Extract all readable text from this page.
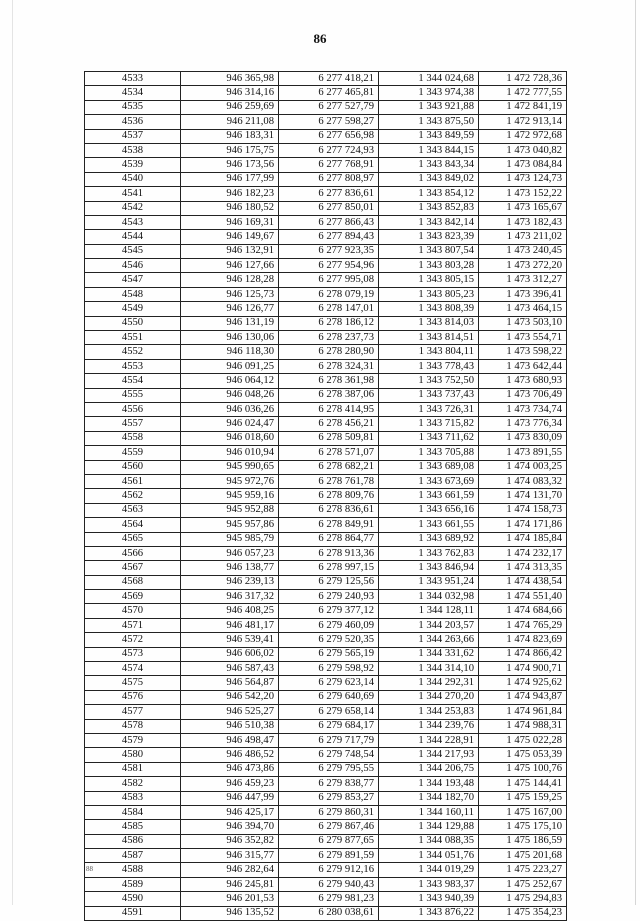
86
4533	946 365,98	6 277 418,21	1 344 024,68	1 472 728,36
4534	946 314,16	6 277 465,81	1 343 974,38	1 472 777,55
4535	946 259,69	6 277 527,79	1 343 921,88	1 472 841,19
4536	946 211,08	6 277 598,27	1 343 875,50	1 472 913,14
4537	946 183,31	6 277 656,98	1 343 849,59	1 472 972,68
4538	946 175,75	6 277 724,93	1 343 844,15	1 473 040,82
4539	946 173,56	6 277 768,91	1 343 843,34	1 473 084,84
4540	946 177,99	6 277 808,97	1 343 849,02	1 473 124,73
4541	946 182,23	6 277 836,61	1 343 854,12	1 473 152,22
4542	946 180,52	6 277 850,01	1 343 852,83	1 473 165,67
4543	946 169,31	6 277 866,43	1 343 842,14	1 473 182,43
4544	946 149,67	6 277 894,43	1 343 823,39	1 473 211,02
4545	946 132,91	6 277 923,35	1 343 807,54	1 473 240,45
4546	946 127,66	6 277 954,96	1 343 803,28	1 473 272,20
4547	946 128,28	6 277 995,08	1 343 805,15	1 473 312,27
4548	946 125,73	6 278 079,19	1 343 805,23	1 473 396,41
4549	946 126,77	6 278 147,01	1 343 808,39	1 473 464,15
4550	946 131,19	6 278 186,12	1 343 814,03	1 473 503,10
4551	946 130,06	6 278 237,73	1 343 814,51	1 473 554,71
4552	946 118,30	6 278 280,90	1 343 804,11	1 473 598,22
4553	946 091,25	6 278 324,31	1 343 778,43	1 473 642,44
4554	946 064,12	6 278 361,98	1 343 752,50	1 473 680,93
4555	946 048,26	6 278 387,06	1 343 737,43	1 473 706,49
4556	946 036,26	6 278 414,95	1 343 726,31	1 473 734,74
4557	946 024,47	6 278 456,21	1 343 715,82	1 473 776,34
4558	946 018,60	6 278 509,81	1 343 711,62	1 473 830,09
4559	946 010,94	6 278 571,07	1 343 705,88	1 473 891,55
4560	945 990,65	6 278 682,21	1 343 689,08	1 474 003,25
4561	945 972,76	6 278 761,78	1 343 673,69	1 474 083,32
4562	945 959,16	6 278 809,76	1 343 661,59	1 474 131,70
4563	945 952,88	6 278 836,61	1 343 656,16	1 474 158,73
4564	945 957,86	6 278 849,91	1 343 661,55	1 474 171,86
4565	945 985,79	6 278 864,77	1 343 689,92	1 474 185,84
4566	946 057,23	6 278 913,36	1 343 762,83	1 474 232,17
4567	946 138,77	6 278 997,15	1 343 846,94	1 474 313,35
4568	946 239,13	6 279 125,56	1 343 951,24	1 474 438,54
4569	946 317,32	6 279 240,93	1 344 032,98	1 474 551,40
4570	946 408,25	6 279 377,12	1 344 128,11	1 474 684,66
4571	946 481,17	6 279 460,09	1 344 203,57	1 474 765,29
4572	946 539,41	6 279 520,35	1 344 263,66	1 474 823,69
4573	946 606,02	6 279 565,19	1 344 331,62	1 474 866,42
4574	946 587,43	6 279 598,92	1 344 314,10	1 474 900,71
4575	946 564,87	6 279 623,14	1 344 292,31	1 474 925,62
4576	946 542,20	6 279 640,69	1 344 270,20	1 474 943,87
4577	946 525,27	6 279 658,14	1 344 253,83	1 474 961,84
4578	946 510,38	6 279 684,17	1 344 239,76	1 474 988,31
4579	946 498,47	6 279 717,79	1 344 228,91	1 475 022,28
4580	946 486,52	6 279 748,54	1 344 217,93	1 475 053,39
4581	946 473,86	6 279 795,55	1 344 206,75	1 475 100,76
4582	946 459,23	6 279 838,77	1 344 193,48	1 475 144,41
4583	946 447,99	6 279 853,27	1 344 182,70	1 475 159,25
4584	946 425,17	6 279 860,31	1 344 160,11	1 475 167,00
4585	946 394,70	6 279 867,46	1 344 129,88	1 475 175,10
4586	946 352,82	6 279 877,65	1 344 088,35	1 475 186,59
4587	946 315,77	6 279 891,59	1 344 051,76	1 475 201,68
4588	946 282,64	6 279 912,16	1 344 019,29	1 475 223,27
4589	946 245,81	6 279 940,43	1 343 983,37	1 475 252,67
4590	946 201,53	6 279 981,23	1 343 940,39	1 475 294,83
4591	946 135,52	6 280 038,61	1 343 876,22	1 475 354,23
88
